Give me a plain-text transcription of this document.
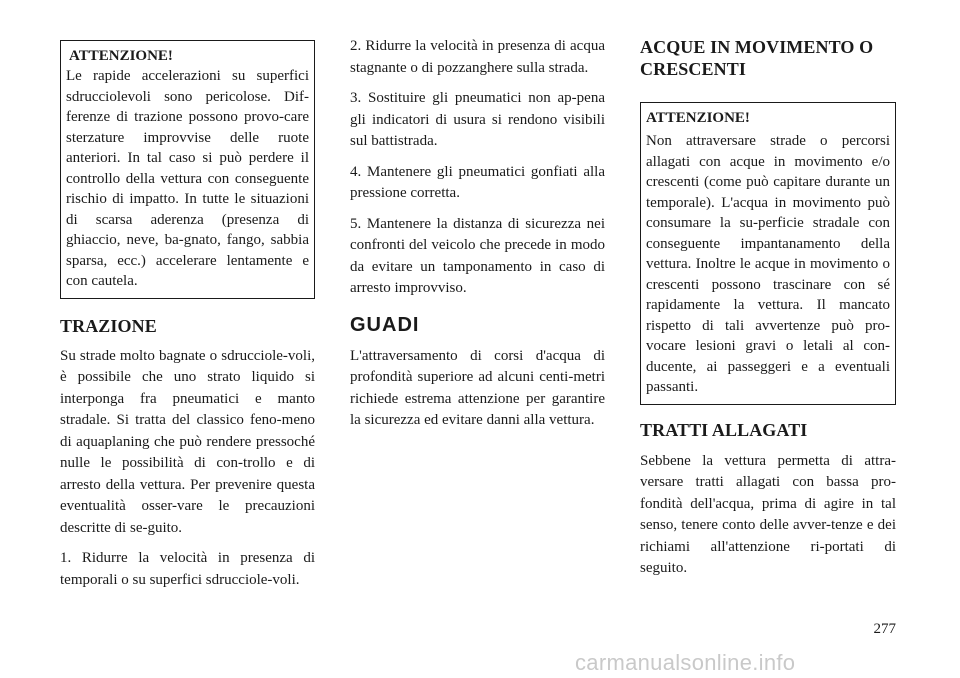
ATTENZIONE!
Le rapide accelerazioni su superfici sdrucciolevoli sono pericolose. Dif-ferenze di trazione possono provo-care sterzature improvvise delle ruote anteriori. In tal caso si può perdere il controllo della vettura con conseguente rischio di impatto. In tutte le situazioni di scarsa aderenza (presenza di ghiaccio, neve, ba-gnato, fango, sabbia sparsa, ecc.) accelerare lentamente e con cautela.
TRAZIONE

Su strade molto bagnate o sdrucciole-voli, è possibile che uno strato liquido si interponga fra pneumatici e manto stradale. Si tratta del classico feno-meno di aquaplaning che può rendere pressoché nulle le possibilità di con-trollo e di arresto della vettura. Per prevenire questa eventualità osser-vare le precauzioni descritte di se-guito.

1. Ridurre la velocità in presenza di temporali o su superfici sdrucciole-voli.

2. Ridurre la velocità in presenza di acqua stagnante o di pozzanghere sulla strada.

3. Sostituire gli pneumatici non ap-pena gli indicatori di usura si rendono visibili sul battistrada.

4. Mantenere gli pneumatici gonfiati alla pressione corretta.

5. Mantenere la distanza di sicurezza nei confronti del veicolo che precede in modo da evitare un tamponamento in caso di arresto improvviso.

GUADI

L'attraversamento di corsi d'acqua di profondità superiore ad alcuni centi-metri richiede estrema attenzione per garantire la sicurezza ed evitare danni alla vettura.

ACQUE IN MOVIMENTO O
CRESCENTI
ATTENZIONE!
Non attraversare strade o percorsi allagati con acque in movimento e/o crescenti (come può capitare durante un temporale). L'acqua in movimento può consumare la su-perficie stradale con conseguente impantanamento della vettura. Inoltre le acque in movimento o crescenti possono trascinare con sé rapidamente la vettura. Il mancato rispetto di tali avvertenze può pro-vocare lesioni gravi o letali al con-ducente, ai passeggeri e a eventuali passanti.
TRATTI ALLAGATI

Sebbene la vettura permetta di attra-versare tratti allagati con bassa pro-fondità dell'acqua, prima di agire in tal senso, tenere conto delle avver-tenze e dei richiami all'attenzione ri-portati di seguito.

277
carmanualsonline.info
